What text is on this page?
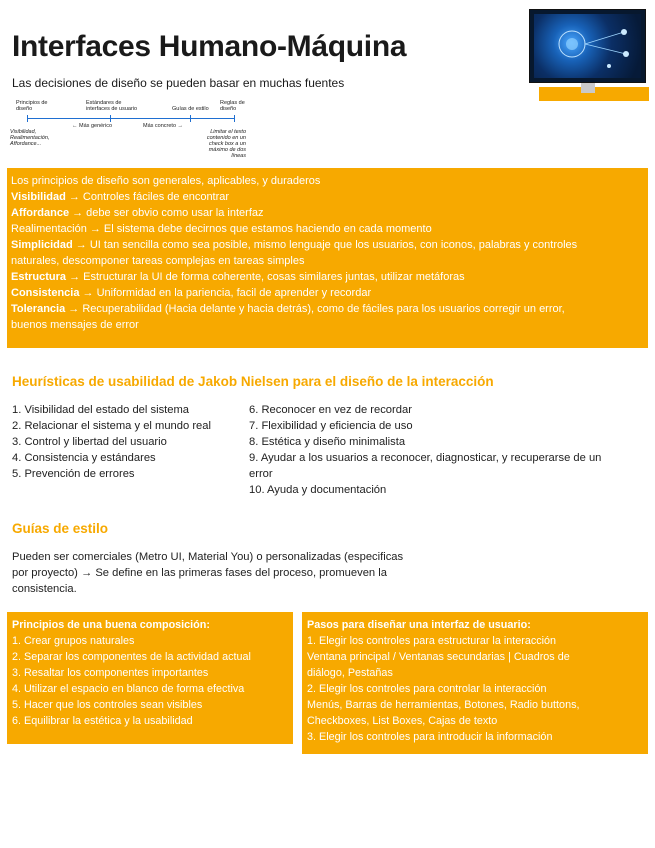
Interfaces Humano-Máquina
Las decisiones de diseño se pueden basar en muchas fuentes
Principios de
diseño
Estándares de
interfaces de usuario	Guías de estilo
Reglas de
diseño
← Más genérico	Más concreto →
Visibilidad,
Realimentación,
Affordance...
Limitar el texto
contenido en un
check box a un
máximo de dos
líneas
Los principios de diseño son generales, aplicables, y duraderos
Visibilidad → Controles fáciles de encontrar
Affordance → debe ser obvio como usar la interfaz
Realimentación → El sistema debe decirnos que estamos haciendo en cada momento
Simplicidad → UI tan sencilla como sea posible, mismo lenguaje que los usuarios, con iconos, palabras y controles
naturales, descomponer tareas complejas en tareas simples
Estructura → Estructurar la UI de forma coherente, cosas similares juntas, utilizar metáforas
Consistencia → Uniformidad en la pariencia, facil de aprender y recordar
Tolerancia → Recuperabilidad (Hacia delante y hacia detrás), como de fáciles para los usuarios corregir un error,
buenos mensajes de error
Heurísticas de usabilidad de Jakob Nielsen para el diseño de la interacción
1. Visibilidad del estado del sistema
2. Relacionar el sistema y el mundo real
3. Control y libertad del usuario
4. Consistencia y estándares
5. Prevención de errores
6. Reconocer en vez de recordar
7. Flexibilidad y eficiencia de uso
8. Estética y diseño minimalista
9. Ayudar a los usuarios a reconocer, diagnosticar, y recuperarse de un
error
10. Ayuda y documentación
Guías de estilo
Pueden ser comerciales (Metro UI, Material You) o personalizadas (especificas
por proyecto) → Se define en las primeras fases del proceso, promueven la
consistencia.
Principios de una buena composición:
1. Crear grupos naturales
2. Separar los componentes de la actividad actual
3. Resaltar los componentes importantes
4. Utilizar el espacio en blanco de forma efectiva
5. Hacer que los controles sean visibles
6. Equilibrar la estética y la usabilidad
Pasos para diseñar una interfaz de usuario:
1. Elegir los controles para estructurar la interacción
Ventana principal / Ventanas secundarias | Cuadros de
diálogo, Pestañas
2. Elegir los controles para controlar la interacción
Menús, Barras de herramientas, Botones, Radio buttons,
Checkboxes, List Boxes, Cajas de texto
3. Elegir los controles para introducir la información
